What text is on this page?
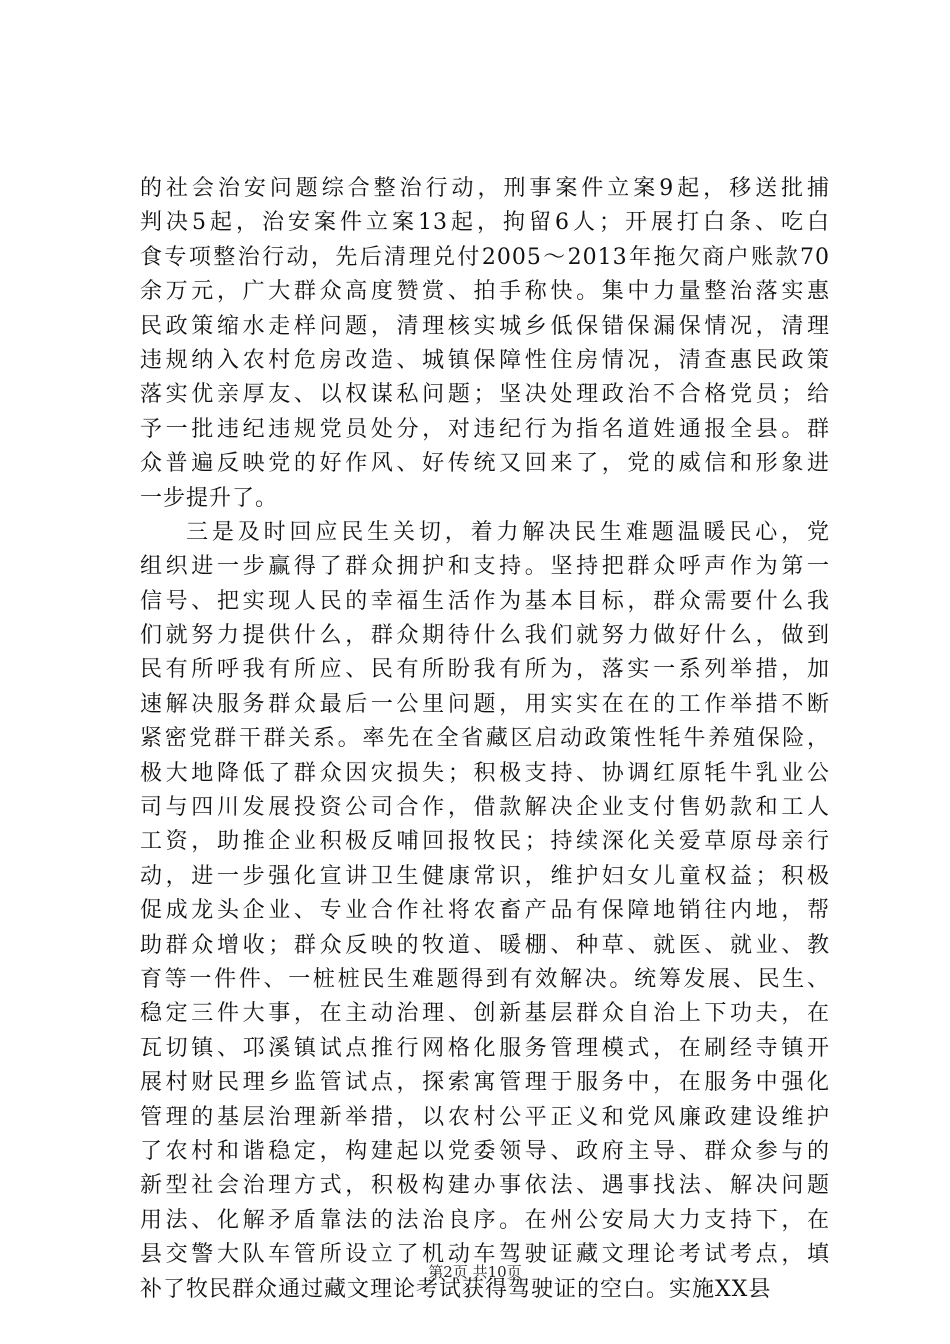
的社会治安问题综合整治行动，刑事案件立案9起，移送批捕
判决5起，治安案件立案13起，拘留6人；开展打白条、吃白
食专项整治行动，先后清理兑付2005～2013年拖欠商户账款70
余万元，广大群众高度赞赏、拍手称快。集中力量整治落实惠
民政策缩水走样问题，清理核实城乡低保错保漏保情况，清理
违规纳入农村危房改造、城镇保障性住房情况，清查惠民政策
落实优亲厚友、以权谋私问题；坚决处理政治不合格党员；给
予一批违纪违规党员处分，对违纪行为指名道姓通报全县。群
众普遍反映党的好作风、好传统又回来了，党的威信和形象进
一步提升了。
三是及时回应民生关切，着力解决民生难题温暖民心，党
组织进一步赢得了群众拥护和支持。坚持把群众呼声作为第一
信号、把实现人民的幸福生活作为基本目标，群众需要什么我
们就努力提供什么，群众期待什么我们就努力做好什么，做到
民有所呼我有所应、民有所盼我有所为，落实一系列举措，加
速解决服务群众最后一公里问题，用实实在在的工作举措不断
紧密党群干群关系。率先在全省藏区启动政策性牦牛养殖保险，
极大地降低了群众因灾损失；积极支持、协调红原牦牛乳业公
司与四川发展投资公司合作，借款解决企业支付售奶款和工人
工资，助推企业积极反哺回报牧民；持续深化关爱草原母亲行
动，进一步强化宣讲卫生健康常识，维护妇女儿童权益；积极
促成龙头企业、专业合作社将农畜产品有保障地销往内地，帮
助群众增收；群众反映的牧道、暖棚、种草、就医、就业、教
育等一件件、一桩桩民生难题得到有效解决。统筹发展、民生、
稳定三件大事，在主动治理、创新基层群众自治上下功夫，在
瓦切镇、邛溪镇试点推行网格化服务管理模式，在刷经寺镇开
展村财民理乡监管试点，探索寓管理于服务中，在服务中强化
管理的基层治理新举措，以农村公平正义和党风廉政建设维护
了农村和谐稳定，构建起以党委领导、政府主导、群众参与的
新型社会治理方式，积极构建办事依法、遇事找法、解决问题
用法、化解矛盾靠法的法治良序。在州公安局大力支持下，在
县交警大队车管所设立了机动车驾驶证藏文理论考试考点，填
补了牧民群众通过藏文理论考试获得驾驶证的空白。实施XX县
第2页 共10页
